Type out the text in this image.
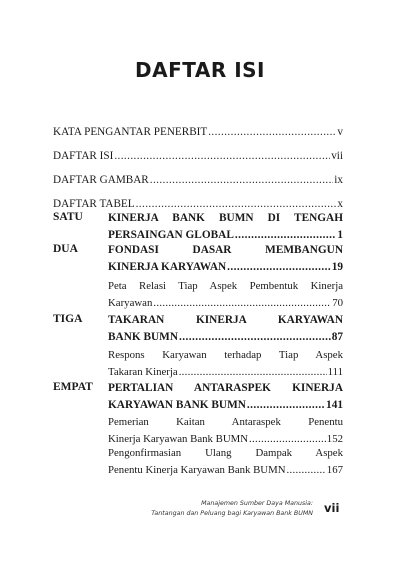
DAFTAR ISI
KATA PENGANTAR PENERBIT . . .	v
DAFTAR ISI . . .	vii
DAFTAR GAMBAR . . .	ix
DAFTAR TABEL . . .	x
SATU KINERJA BANK BUMN DI TENGAH
PERSAINGAN GLOBAL . . .	1
DUA	FONDASI DASAR MEMBANGUN
KINERJA KARYAWAN . . .	19
Peta Relasi Tiap Aspek Pembentuk Kinerja
Karyawan . . .	70
TIGA TAKARAN KINERJA KARYAWAN
BANK BUMN . . .	87
Respons Karyawan terhadap Tiap Aspek
Takaran Kinerja . . .	111
EMPAT PERTALIAN ANTARASPEK KINERJA
KARYAWAN BANK BUMN . . .	141
Pemerian Kaitan Antaraspek Penentu
Kinerja Karyawan Bank BUMN . . .	152
Pengonfirmasian Ulang Dampak Aspek
Penentu Kinerja Karyawan Bank BUMN . . .	167
Manajemen Sumber Daya Manusia:
Tantangan dan Peluang bagi Karyawan Bank BUMN vii
